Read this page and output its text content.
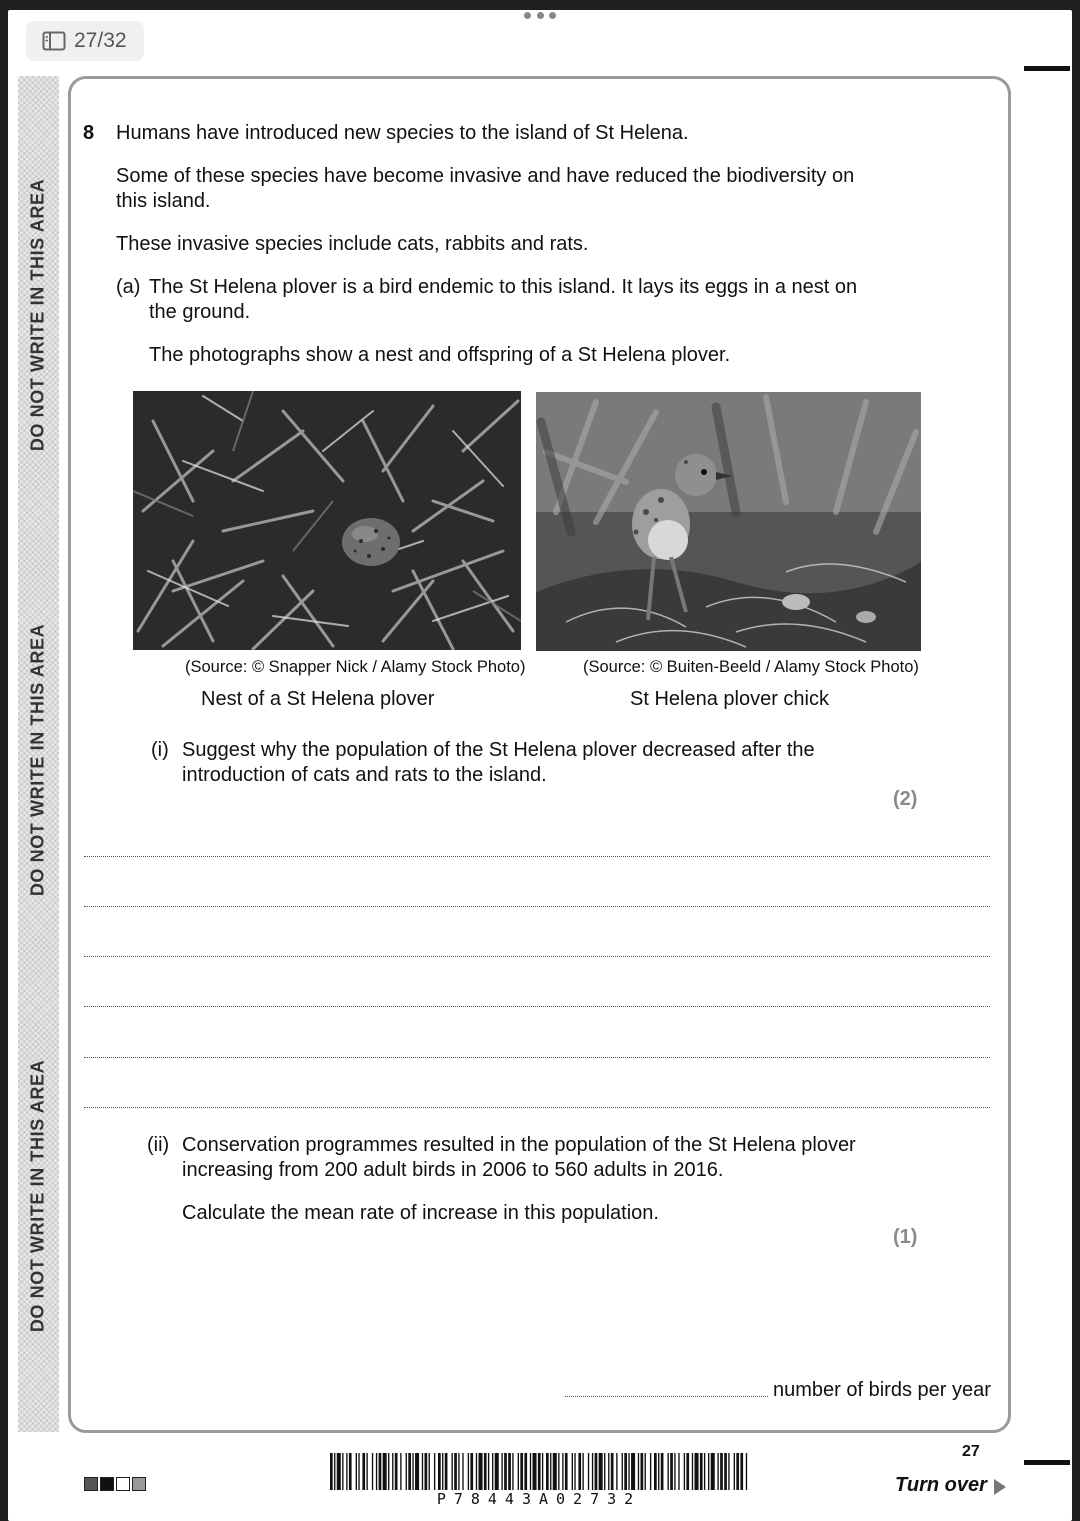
27/32
DO NOT WRITE IN THIS AREA
DO NOT WRITE IN THIS AREA
DO NOT WRITE IN THIS AREA
8 Humans have introduced new species to the island of St Helena.
Some of these species have become invasive and have reduced the biodiversity on
this island.
These invasive species include cats, rabbits and rats.
(a) The St Helena plover is a bird endemic to this island. It lays its eggs in a nest on
the ground.
The photographs show a nest and offspring of a St Helena plover.
(Source: © Snapper Nick / Alamy Stock Photo)	(Source: © Buiten-Beeld / Alamy Stock Photo)
Nest of a St Helena plover	St Helena plover chick
(i) Suggest why the population of the St Helena plover decreased after the
introduction of cats and rats to the island.
(2)
(ii) Conservation programmes resulted in the population of the St Helena plover
increasing from 200 adult birds in 2006 to 560 adults in 2016.
Calculate the mean rate of increase in this population.
(1)
number of birds per year
P78443A02732
27
Turn over
